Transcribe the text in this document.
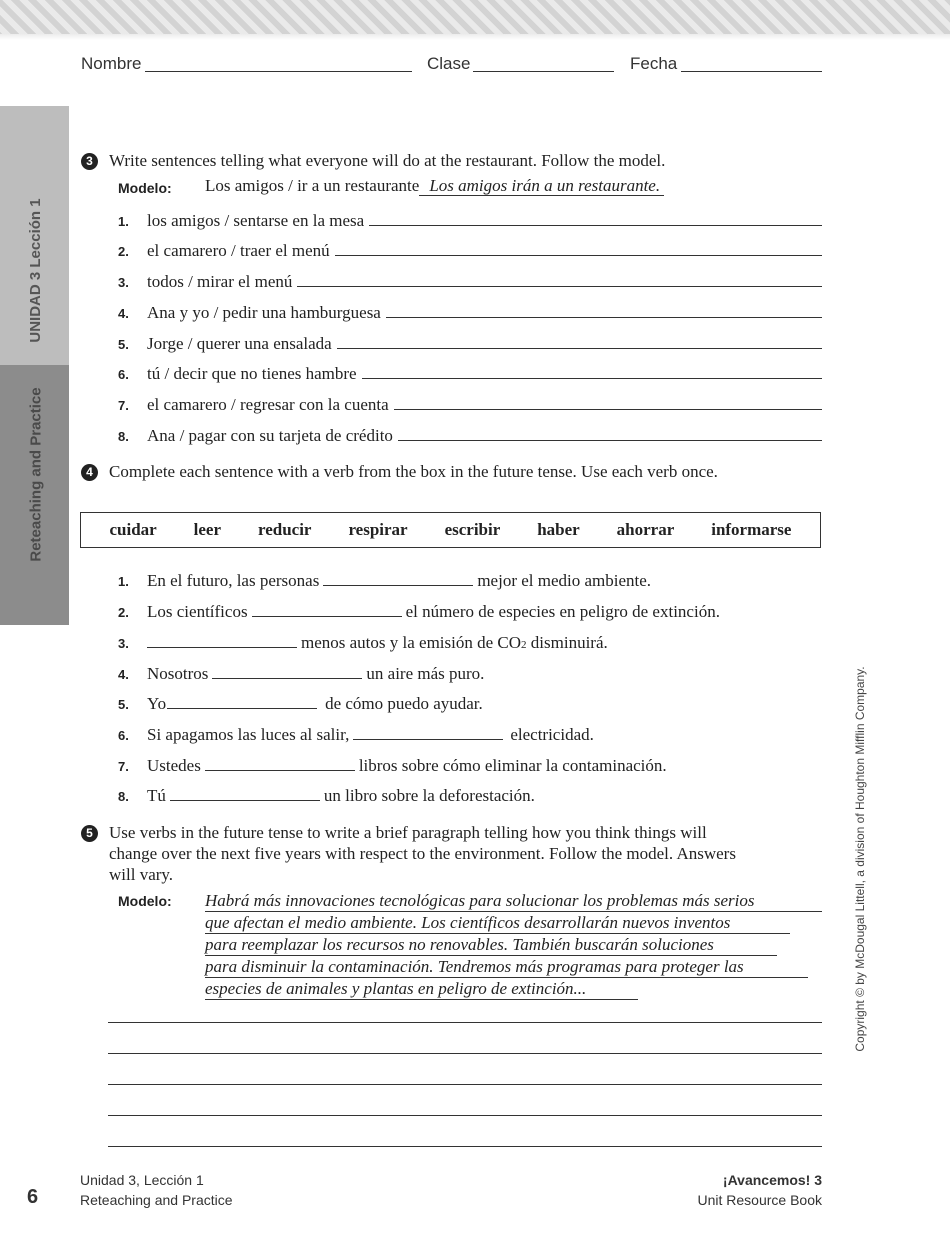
Nombre	Clase	Fecha
UNIDAD 3 Lección 1
Reteaching and Practice
3 Write sentences telling what everyone will do at the restaurant. Follow the model.
Modelo: Los amigos / ir a un restaurante Los amigos irán a un restaurante.
1.	los amigos / sentarse en la mesa
2.	el camarero / traer el menú
3.	todos / mirar el menú
4.	Ana y yo / pedir una hamburguesa
5.	Jorge / querer una ensalada
6.	tú / decir que no tienes hambre
7.	el camarero / regresar con la cuenta
8.	Ana / pagar con su tarjeta de crédito
4 Complete each sentence with a verb from the box in the future tense. Use each verb once.
cuidar leer reducir respirar escribir haber ahorrar informarse
1.	En el futuro, las personas	mejor el medio ambiente.
2.	Los científicos	el número de especies en peligro de extinción.
3.	menos autos y la emisión de CO 2 disminuirá.
4.	Nosotros	un aire más puro.
5.	Yo	de cómo puedo ayudar.
6.	Si apagamos las luces al salir,	electricidad.
7.	Ustedes	libros sobre cómo eliminar la contaminación.
8.	Tú	un libro sobre la deforestación.
5 Use verbs in the future tense to write a brief paragraph telling how you think things will change over the next five years with respect to the environment. Follow the model. Answers will vary.
Modelo: Habrá más innovaciones tecnológicas para solucionar los problemas más serios
que afectan el medio ambiente. Los científicos desarrollarán nuevos inventos
para reemplazar los recursos no renovables. También buscarán soluciones
para disminuir la contaminación. Tendremos más programas para proteger las
especies de animales y plantas en peligro de extinción...	Copyright © by McDougal Littell, a division of Houghton Mifflin Company.
6
Unidad 3, Lección 1
Reteaching and Practice
¡Avancemos! 3
Unit Resource Book
